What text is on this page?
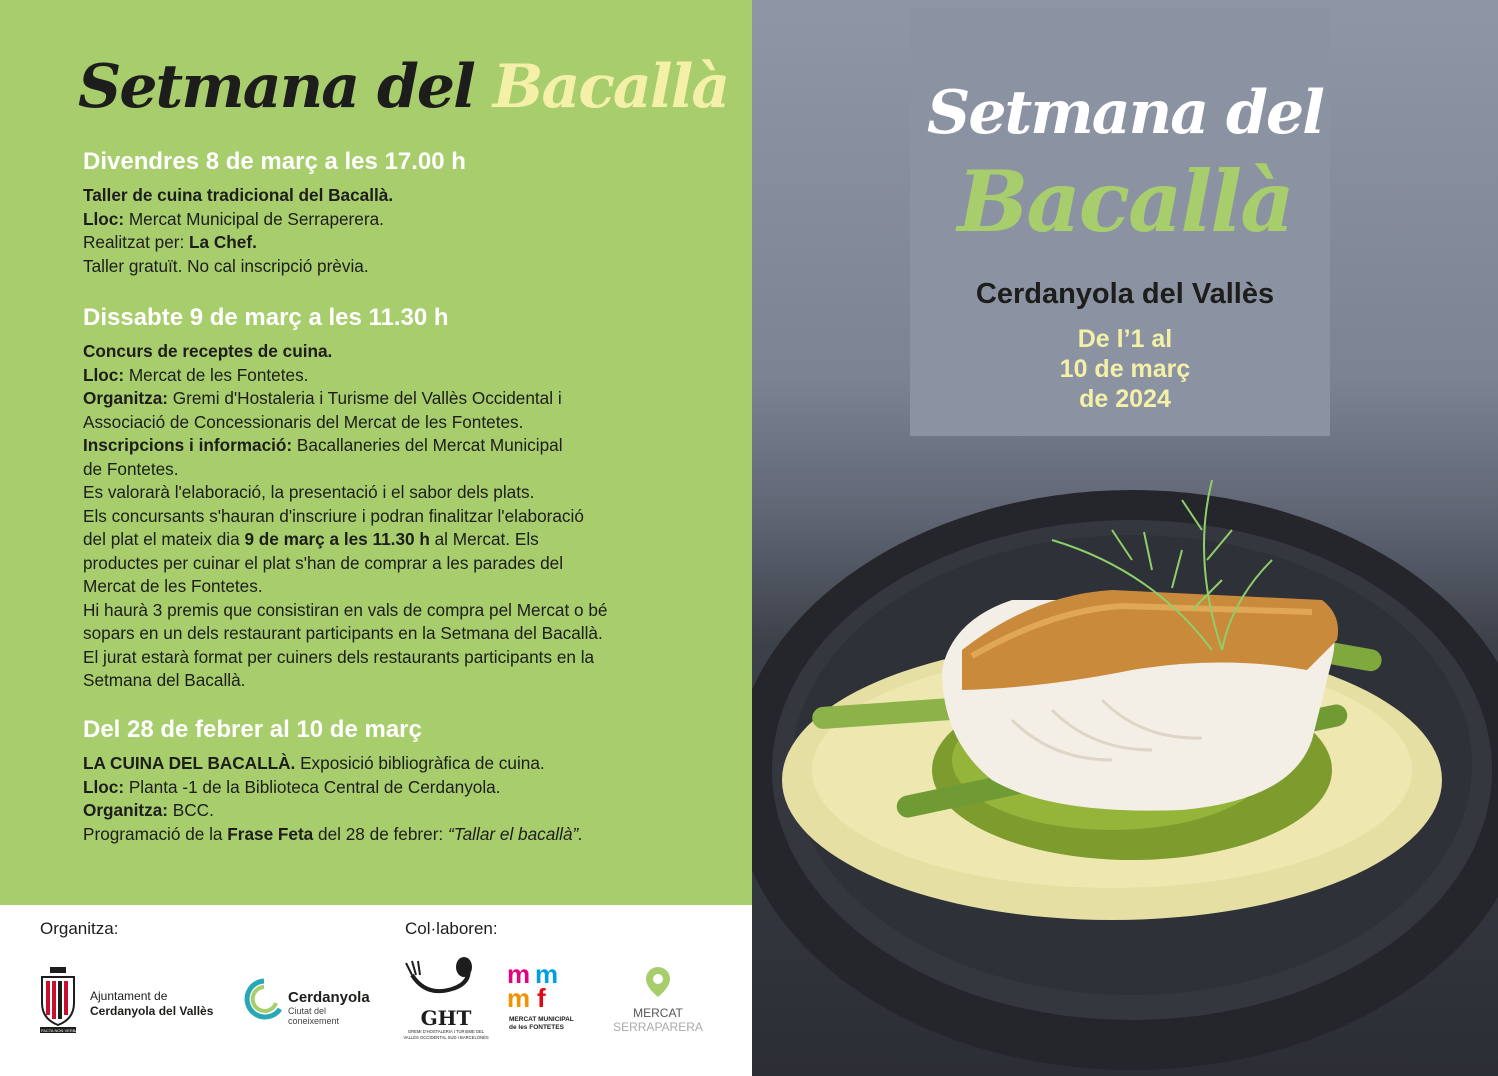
Setmana del Bacallà
Divendres 8 de març a les 17.00 h
Taller de cuina tradicional del Bacallà.
Lloc: Mercat Municipal de Serraperera.
Realitzat per: La Chef.
Taller gratuït. No cal inscripció prèvia.
Dissabte 9 de març a les 11.30 h
Concurs de receptes de cuina.
Lloc: Mercat de les Fontetes.
Organitza: Gremi d'Hostaleria i Turisme del Vallès Occidental i
Associació de Concessionaris del Mercat de les Fontetes.
Inscripcions i informació: Bacallaneries del Mercat Municipal
de Fontetes.
Es valorarà l'elaboració, la presentació i el sabor dels plats.
Els concursants s'hauran d'inscriure i podran finalitzar l'elaboració
del plat el mateix dia 9 de març a les 11.30 h al Mercat. Els
productes per cuinar el plat s'han de comprar a les parades del
Mercat de les Fontetes.
Hi haurà 3 premis que consistiran en vals de compra pel Mercat o bé
sopars en un dels restaurant participants en la Setmana del Bacallà.
El jurat estarà format per cuiners dels restaurants participants en la
Setmana del Bacallà.
Del 28 de febrer al 10 de març
LA CUINA DEL BACALLÀ. Exposició bibliogràfica de cuina.
Lloc: Planta -1 de la Biblioteca Central de Cerdanyola.
Organitza: BCC.
Programació de la Frase Feta del 28 de febrer: “Tallar el bacallà”.
Organitza:	Col·laboren:
Ajuntament de
Cerdanyola del Vallès
FACTA NON VERBA
Cerdanyola
Ciutat del
coneixement	GHT
GREMI D'HOSTALERIA I TURISME DEL
VALLÈS OCCIDENTAL SUD I BARCELONÈS
m m
m f
MERCAT MUNICIPAL
de les FONTETES
MERCAT
SERRAPARERA
Setmana del
Bacallà
Cerdanyola del Vallès
De l’1 al
10 de març
de 2024
